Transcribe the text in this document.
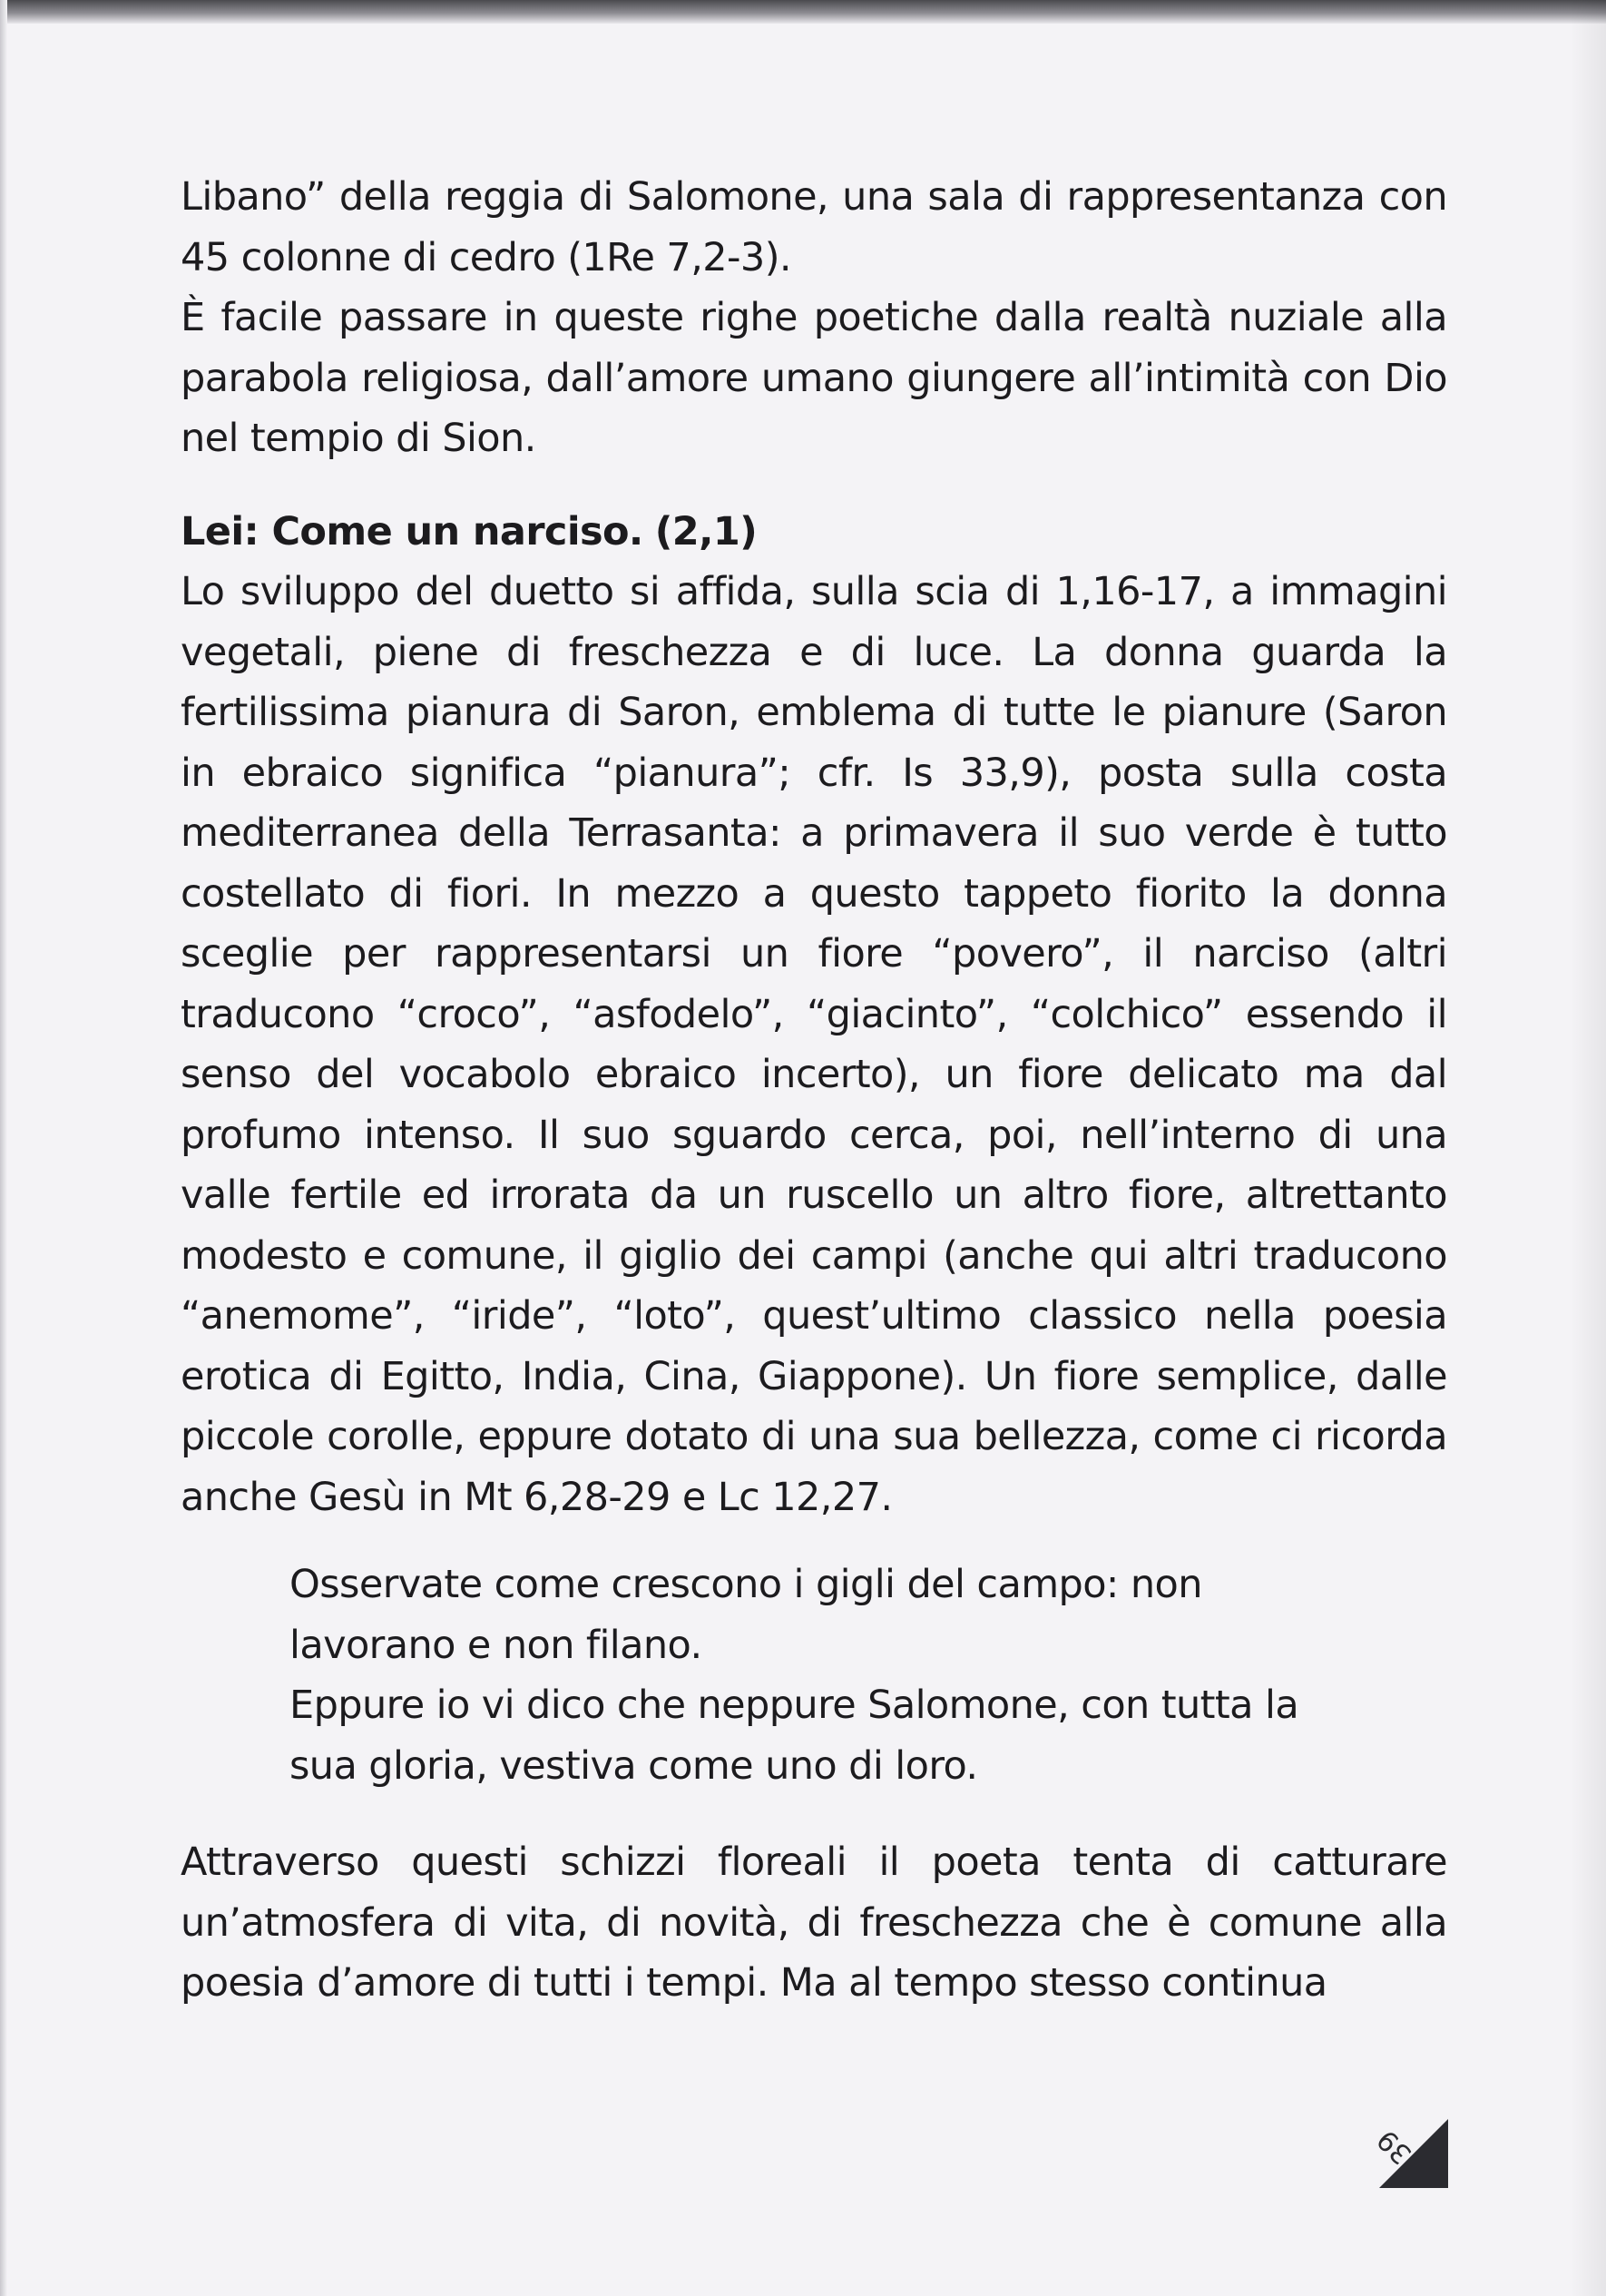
Libano” della reggia di Salomone, una sala di rappresentanza con 45 colonne di cedro (1Re 7,2-3).

È facile passare in queste righe poetiche dalla realtà nuziale alla parabola religiosa, dall’amore umano giungere all’intimità con Dio nel tempio di Sion.

Lei: Come un narciso. (2,1)

Lo sviluppo del duetto si affida, sulla scia di 1,16-17, a immagini vegetali, piene di freschezza e di luce. La donna guarda la fertilissima pianura di Saron, emblema di tutte le pianure (Saron in ebraico significa “pianura”; cfr. Is 33,9), posta sulla costa mediterranea della Terrasanta: a primavera il suo verde è tutto costellato di fiori. In mezzo a questo tappeto fiorito la donna sceglie per rappresentarsi un fiore “povero”, il narciso (altri traducono “croco”, “asfodelo”, “giacinto”, “colchico” essendo il senso del vocabolo ebraico incerto), un fiore delicato ma dal profumo intenso. Il suo sguardo cerca, poi, nell’interno di una valle fertile ed irrorata da un ruscello un altro fiore, altrettanto modesto e comune, il giglio dei campi (anche qui altri traducono “anemome”, “iride”, “loto”, quest’ultimo classico nella poesia erotica di Egitto, India, Cina, Giappone). Un fiore semplice, dalle piccole corolle, eppure dotato di una sua bellezza, come ci ricorda anche Gesù in Mt 6,28-29 e Lc 12,27.

Osservate come crescono i gigli del campo: non lavorano e non filano.

Eppure io vi dico che neppure Salomone, con tutta la sua gloria, vestiva come uno di loro.

Attraverso questi schizzi floreali il poeta tenta di catturare un’atmosfera di vita, di novità, di freschezza che è comune alla poesia d’amore di tutti i tempi. Ma al tempo stesso continua

39
